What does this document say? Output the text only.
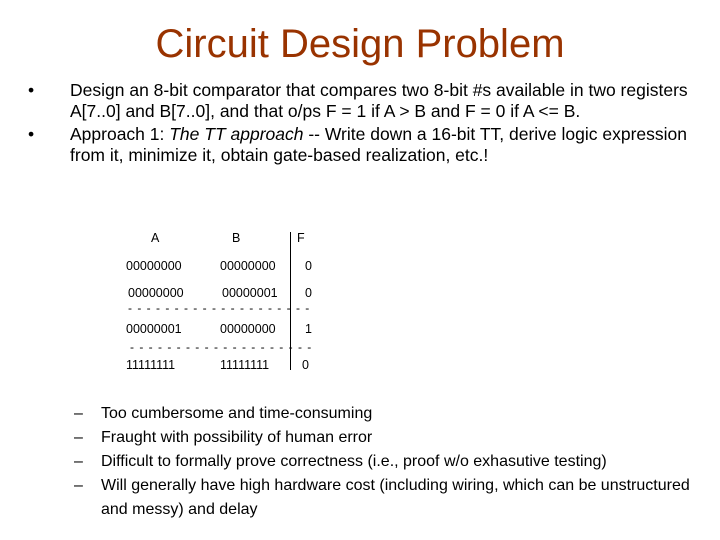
Circuit Design Problem
•	Design an 8-bit comparator that compares two 8-bit #s available in two registers A[7..0] and B[7..0], and that o/ps F = 1 if A > B and F = 0 if A <= B.
•	Approach 1: The TT approach -- Write down a 16-bit TT, derive logic expression from it, minimize it, obtain gate-based realization, etc.!
A	B	F
00000000	00000000 0
00000000	00000001 0
00000001	00000000 1
11111111	11111111	0
- - - - - - - - - - - - - - - - - - - -
- - - - - - - - - - - - - - - - - - - -
–	Too cumbersome and time-consuming
–	Fraught with possibility of human error
–	Difficult to formally prove correctness (i.e., proof w/o exhasutive testing)
–	Will generally have high hardware cost (including wiring, which can be unstructured and messy) and delay
